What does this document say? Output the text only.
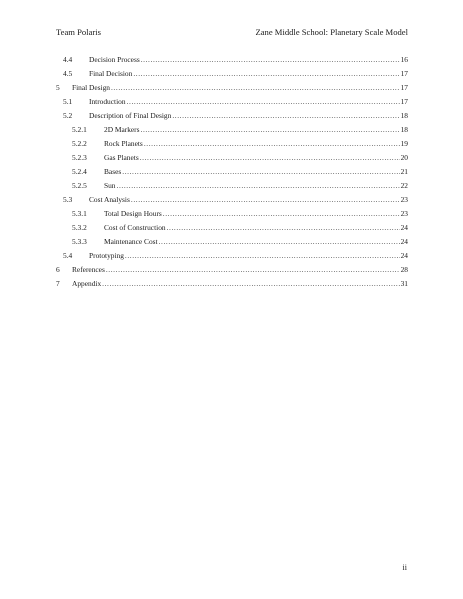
Team Polaris	Zane Middle School: Planetary Scale Model
4.4 Decision Process .....	16
4.5 Final Decision .....	17
5 Final Design .....	17
5.1 Introduction .....	17
5.2 Description of Final Design .....	18
5.2.1 2D Markers .....	18
5.2.2 Rock Planets .....	19
5.2.3 Gas Planets .....	20
5.2.4 Bases .....	21
5.2.5 Sun .....	22
5.3 Cost Analysis .....	23
5.3.1 Total Design Hours .....	23
5.3.2 Cost of Construction .....	24
5.3.3 Maintenance Cost .....	24
5.4 Prototyping .....	24
6 References .....	28
7 Appendix .....	31
ii
